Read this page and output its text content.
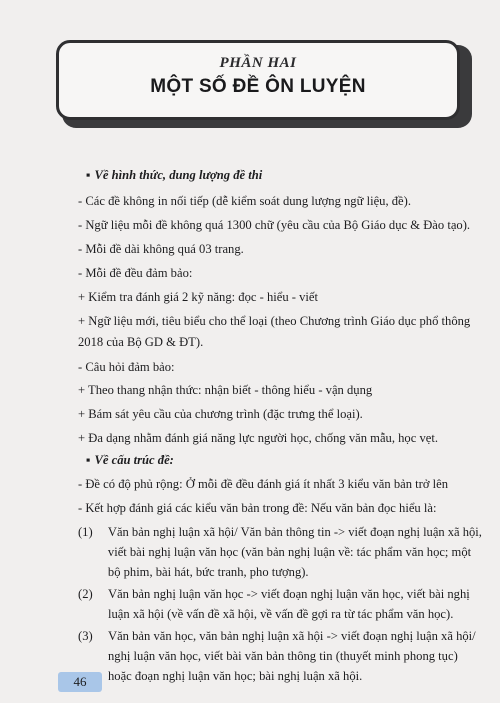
PHẦN HAI
MỘT SỐ ĐỀ ÔN LUYỆN
▪ Về hình thức, dung lượng đề thi
- Các đề không in nối tiếp (dễ kiểm soát dung lượng ngữ liệu, đề).
- Ngữ liệu mỗi đề không quá 1300 chữ (yêu cầu của Bộ Giáo dục & Đào tạo).
- Mỗi đề dài không quá 03 trang.
- Mỗi đề đều đảm bảo:
+ Kiểm tra đánh giá 2 kỹ năng: đọc - hiểu - viết
+ Ngữ liệu mới, tiêu biểu cho thể loại (theo Chương trình Giáo dục phổ thông
2018 của Bộ GD & ĐT).
- Câu hỏi đảm bảo:
+ Theo thang nhận thức: nhận biết - thông hiểu - vận dụng
+ Bám sát yêu cầu của chương trình (đặc trưng thể loại).
+ Đa dạng nhằm đánh giá năng lực người học, chống văn mẫu, học vẹt.
▪ Về cấu trúc đề:
- Đề có độ phủ rộng: Ở mỗi đề đều đánh giá ít nhất 3 kiểu văn bản trở lên
- Kết hợp đánh giá các kiểu văn bản trong đề: Nếu văn bản đọc hiểu là:
(1)	Văn bản nghị luận xã hội/ Văn bản thông tin -> viết đoạn nghị luận xã hội,
viết bài nghị luận văn học (văn bản nghị luận về: tác phẩm văn học; một
bộ phim, bài hát, bức tranh, pho tượng).
(2)	Văn bản nghị luận văn học -> viết đoạn nghị luận văn học, viết bài nghị
luận xã hội (về vấn đề xã hội, về vấn đề gợi ra từ tác phẩm văn học).
(3)	Văn bản văn học, văn bản nghị luận xã hội -> viết đoạn nghị luận xã hội/
nghị luận văn học, viết bài văn bản thông tin (thuyết minh phong tục)
hoặc đoạn nghị luận văn học; bài nghị luận xã hội.
46
